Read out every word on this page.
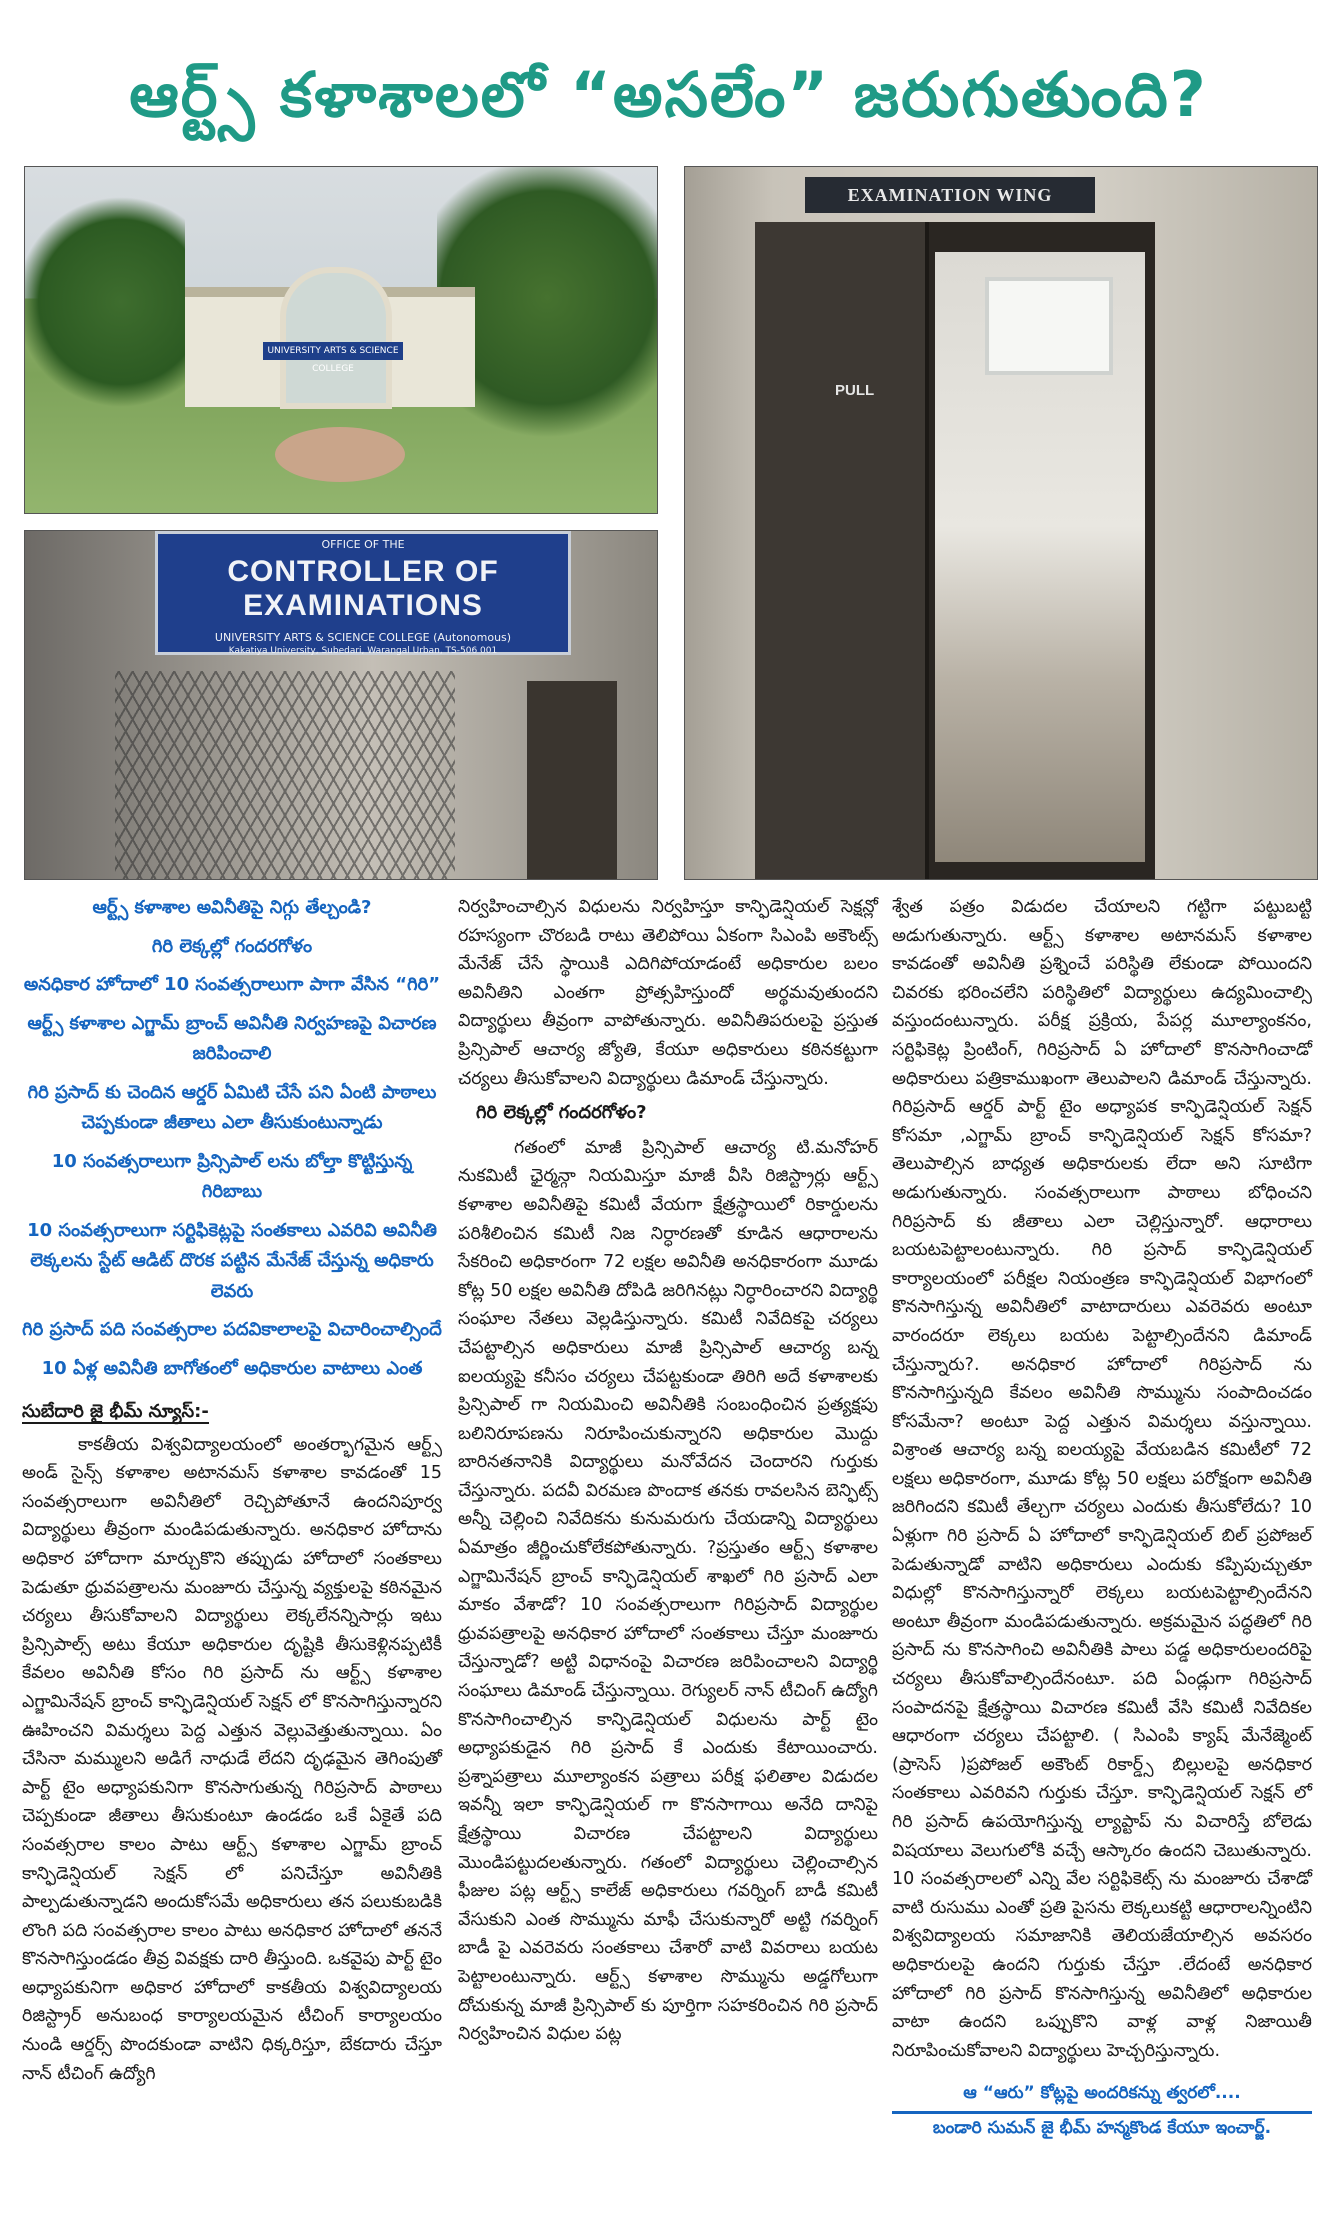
ఆర్ట్స్ కళాశాలలో “అసలేం” జరుగుతుంది?
UNIVERSITY ARTS & SCIENCE COLLEGE
OFFICE OF THE
CONTROLLER OF EXAMINATIONS
UNIVERSITY ARTS & SCIENCE COLLEGE (Autonomous)
Kakatiya University, Subedari, Warangal Urban, TS-506 001
EXAMINATION WING
PULL
ఆర్ట్స్ కళాశాల అవినీతిపై నిగ్గు తేల్చండి?
గిరి లెక్కల్లో గందరగోళం
అనధికార హోదాలో 10 సంవత్సరాలుగా పాగా వేసిన “గిరి”
ఆర్ట్స్ కళాశాల ఎగ్జామ్ బ్రాంచ్ అవినీతి నిర్వహణపై విచారణ జరిపించాలి
గిరి ప్రసాద్ కు చెందిన ఆర్డర్ ఏమిటి చేసే పని ఏంటి పాఠాలు చెప్పకుండా జీతాలు ఎలా తీసుకుంటున్నాడు
10 సంవత్సరాలుగా ప్రిన్సిపాల్ లను బోల్తా కొట్టిస్తున్న గిరిబాబు
10 సంవత్సరాలుగా సర్టిఫికెట్లపై సంతకాలు ఎవరివి అవినీతి లెక్కలను స్టేట్ ఆడిట్ దొరక పట్టిన మేనేజ్ చేస్తున్న అధికారు లెవరు
గిరి ప్రసాద్ పది సంవత్సరాల పదవికాలాలపై విచారించాల్సిందే
10 ఏళ్ల అవినీతి బాగోతంలో అధికారుల వాటాలు ఎంత
సుబేదారి జై భీమ్ న్యూస్:-

కాకతీయ విశ్వవిద్యాలయంలో అంతర్భాగమైన ఆర్ట్స్ అండ్ సైన్స్ కళాశాల అటానమస్ కళాశాల కావడంతో 15 సంవత్సరాలుగా అవినీతిలో రెచ్చిపోతూనే ఉందనిపూర్వ విద్యార్థులు తీవ్రంగా మండిపడుతున్నారు. అనధికార హోదాను అధికార హోదాగా మార్చుకొని తప్పుడు హోదాలో సంతకాలు పెడుతూ ధ్రువపత్రాలను మంజూరు చేస్తున్న వ్యక్తులపై కఠినమైన చర్యలు తీసుకోవాలని విద్యార్థులు లెక్కలేనన్నిసార్లు ఇటు ప్రిన్సిపాల్స్ అటు కేయూ అధికారుల దృష్టికి తీసుకెళ్లినప్పటికీ కేవలం అవినీతి కోసం గిరి ప్రసాద్ ను ఆర్ట్స్ కళాశాల ఎగ్జామినేషన్ బ్రాంచ్ కాన్ఫిడెన్షియల్ సెక్షన్ లో కొనసాగిస్తున్నారని ఊహించని విమర్శలు పెద్ద ఎత్తున వెల్లువెత్తుతున్నాయి. ఏం చేసినా మమ్ములని అడిగే నాధుడే లేదని దృఢమైన తెగింపుతో పార్ట్ టైం అధ్యాపకునిగా కొనసాగుతున్న గిరిప్రసాద్ పాఠాలు చెప్పకుండా జీతాలు తీసుకుంటూ ఉండడం ఒకే ఏకైతే పది సంవత్సరాల కాలం పాటు ఆర్ట్స్ కళాశాల ఎగ్జామ్ బ్రాంచ్ కాన్ఫిడెన్షియల్ సెక్షన్ లో పనిచేస్తూ అవినీతికి పాల్పడుతున్నాడని అందుకోసమే అధికారులు తన పలుకుబడికి లొంగి పది సంవత్సరాల కాలం పాటు అనధికార హోదాలో తననే కొనసాగిస్తుండడం తీవ్ర వివక్షకు దారి తీస్తుంది. ఒకవైపు పార్ట్ టైం అధ్యాపకునిగా అధికార హోదాలో కాకతీయ విశ్వవిద్యాలయ రిజిస్ట్రార్ అనుబంధ కార్యాలయమైన టీచింగ్ కార్యాలయం నుండి ఆర్డర్స్ పొందకుండా వాటిని ధిక్కరిస్తూ, బేకదారు చేస్తూ నాన్ టీచింగ్ ఉద్యోగి

నిర్వహించాల్సిన విధులను నిర్వహిస్తూ కాన్ఫిడెన్షియల్ సెక్షన్లో రహస్యంగా చొరబడి రాటు తెలిపోయి ఏకంగా సిఎంపి అకౌంట్స్ మేనేజ్ చేసే స్థాయికి ఎదిగిపోయాడంటే అధికారుల బలం అవినీతిని ఎంతగా ప్రోత్సహిస్తుందో అర్థమవుతుందని విద్యార్థులు తీవ్రంగా వాపోతున్నారు. అవినీతిపరులపై ప్రస్తుత ప్రిన్సిపాల్ ఆచార్య జ్యోతి, కేయూ అధికారులు కఠినకట్టుగా చర్యలు తీసుకోవాలని విద్యార్థులు డిమాండ్ చేస్తున్నారు.

గిరి లెక్కల్లో గందరగోళం?

గతంలో మాజీ ప్రిన్సిపాల్ ఆచార్య టి.మనోహర్ నుకమిటీ ఛైర్మన్గా నియమిస్తూ మాజీ వీసి రిజిస్ట్రార్లు ఆర్ట్స్ కళాశాల అవినీతిపై కమిటీ వేయగా క్షేత్రస్థాయిలో రికార్డులను పరిశీలించిన కమిటీ నిజ నిర్ధారణతో కూడిన ఆధారాలను సేకరించి అధికారంగా 72 లక్షల అవినీతి అనధికారంగా మూడు కోట్ల 50 లక్షల అవినీతి దోపిడి జరిగినట్లు నిర్ధారించారని విద్యార్థి సంఘాల నేతలు వెల్లడిస్తున్నారు. కమిటీ నివేదికపై చర్యలు చేపట్టాల్సిన అధికారులు మాజీ ప్రిన్సిపాల్ ఆచార్య బన్న ఐలయ్యపై కనీసం చర్యలు చేపట్టకుండా తిరిగి అదే కళాశాలకు ప్రిన్సిపాల్ గా నియమించి అవినీతికి సంబంధించిన ప్రత్యక్షపు బలినిరూపణను నిరూపించుకున్నారని అధికారుల మొద్దు బారినతనానికి విద్యార్థులు మనోవేదన చెందారని గుర్తుకు చేస్తున్నారు. పదవీ విరమణ పొందాక తనకు రావలసిన బెన్ఫిట్స్ అన్నీ చెల్లించి నివేదికను కునుమరుగు చేయడాన్ని విద్యార్థులు ఏమాత్రం జీర్ణించుకోలేకపోతున్నారు. ?ప్రస్తుతం ఆర్ట్స్ కళాశాల ఎగ్జామినేషన్ బ్రాంచ్ కాన్ఫిడెన్షియల్ శాఖలో గిరి ప్రసాద్ ఎలా మాకం వేశాడో? 10 సంవత్సరాలుగా గిరిప్రసాద్ విద్యార్థుల ధ్రువపత్రాలపై అనధికార హోదాలో సంతకాలు చేస్తూ మంజూరు చేస్తున్నాడో? అట్టి విధానంపై విచారణ జరిపించాలని విద్యార్థి సంఘాలు డిమాండ్ చేస్తున్నాయి. రెగ్యులర్ నాన్ టీచింగ్ ఉద్యోగి కొనసాగించాల్సిన కాన్ఫిడెన్షియల్ విధులను పార్ట్ టైం అధ్యాపకుడైన గిరి ప్రసాద్ కే ఎందుకు కేటాయించారు. ప్రశ్నాపత్రాలు మూల్యాంకన పత్రాలు పరీక్ష ఫలితాల విడుదల ఇవన్నీ ఇలా కాన్ఫిడెన్షియల్ గా కొనసాగాయి అనేది దానిపై క్షేత్రస్థాయి విచారణ చేపట్టాలని విద్యార్థులు మొండిపట్టుదలతున్నారు. గతంలో విద్యార్థులు చెల్లించాల్సిన ఫీజుల పట్ల ఆర్ట్స్ కాలేజ్ అధికారులు గవర్నింగ్ బాడీ కమిటీ వేసుకుని ఎంత సొమ్మును మాఫీ చేసుకున్నారో అట్టి గవర్నింగ్ బాడీ పై ఎవరెవరు సంతకాలు చేశారో వాటి వివరాలు బయట పెట్టాలంటున్నారు. ఆర్ట్స్ కళాశాల సొమ్మును అడ్డగోలుగా దోచుకున్న మాజీ ప్రిన్సిపాల్ కు పూర్తిగా సహకరించిన గిరి ప్రసాద్ నిర్వహించిన విధుల పట్ల

శ్వేత పత్రం విడుదల చేయాలని గట్టిగా పట్టుబట్టి అడుగుతున్నారు. ఆర్ట్స్ కళాశాల అటానమస్ కళాశాల కావడంతో అవినీతి ప్రశ్నించే పరిస్థితి లేకుండా పోయిందని చివరకు భరించలేని పరిస్థితిలో విద్యార్థులు ఉద్యమించాల్సి వస్తుందంటున్నారు. పరీక్ష ప్రక్రియ, పేపర్ల మూల్యాంకనం, సర్టిఫికెట్ల ప్రింటింగ్, గిరిప్రసాద్ ఏ హోదాలో కొనసాగించాడో అధికారులు పత్రికాముఖంగా తెలుపాలని డిమాండ్ చేస్తున్నారు. గిరిప్రసాద్ ఆర్డర్ పార్ట్ టైం అధ్యాపక కాన్ఫిడెన్షియల్ సెక్షన్ కోసమా ,ఎగ్జామ్ బ్రాంచ్ కాన్ఫిడెన్షియల్ సెక్షన్ కోసమా? తెలుపాల్సిన బాధ్యత అధికారులకు లేదా అని సూటిగా అడుగుతున్నారు. సంవత్సరాలుగా పాఠాలు బోధించని గిరిప్రసాద్ కు జీతాలు ఎలా చెల్లిస్తున్నారో. ఆధారాలు బయటపెట్టాలంటున్నారు. గిరి ప్రసాద్ కాన్ఫిడెన్షియల్ కార్యాలయంలో పరీక్షల నియంత్రణ కాన్ఫిడెన్షియల్ విభాగంలో కొనసాగిస్తున్న అవినీతిలో వాటాదారులు ఎవరెవరు అంటూ వారందరూ లెక్కలు బయట పెట్టాల్సిందేనని డిమాండ్ చేస్తున్నారు?. అనధికార హోదాలో గిరిప్రసాద్ ను కొనసాగిస్తున్నది కేవలం అవినీతి సొమ్మును సంపాదించడం కోసమేనా? అంటూ పెద్ద ఎత్తున విమర్శలు వస్తున్నాయి. విశ్రాంత ఆచార్య బన్న ఐలయ్యపై వేయబడిన కమిటీలో 72 లక్షలు అధికారంగా, మూడు కోట్ల 50 లక్షలు పరోక్షంగా అవినీతి జరిగిందని కమిటీ తేల్చగా చర్యలు ఎందుకు తీసుకోలేదు? 10 ఏళ్లుగా గిరి ప్రసాద్ ఏ హోదాలో కాన్ఫిడెన్షియల్ బిల్ ప్రపోజల్ పెడుతున్నాడో వాటిని అధికారులు ఎందుకు కప్పిపుచ్చుతూ విధుల్లో కొనసాగిస్తున్నారో లెక్కలు బయటపెట్టాల్సిందేనని అంటూ తీవ్రంగా మండిపడుతున్నారు. అక్రమమైన పద్ధతిలో గిరి ప్రసాద్ ను కొనసాగించి అవినీతికి పాలు పడ్డ అధికారులందరిపై చర్యలు తీసుకోవాల్సిందేనంటూ. పది ఏండ్లుగా గిరిప్రసాద్ సంపాదనపై క్షేత్రస్థాయి విచారణ కమిటీ వేసి కమిటీ నివేదికల ఆధారంగా చర్యలు చేపట్టాలి. ( సిఎంపి క్యాష్ మేనేజ్మెంట్ (ప్రాసెస్ )ప్రపోజల్ అకౌంట్ రికార్డ్స్ బిల్లులపై అనధికార సంతకాలు ఎవరివని గుర్తుకు చేస్తూ. కాన్ఫిడెన్షియల్ సెక్షన్ లో గిరి ప్రసాద్ ఉపయోగిస్తున్న ల్యాప్టాప్ ను విచారిస్తే బోలెడు విషయాలు వెలుగులోకి వచ్చే ఆస్కారం ఉందని చెబుతున్నారు. 10 సంవత్సరాలలో ఎన్ని వేల సర్టిఫికెట్స్ ను మంజూరు చేశాడో వాటి రుసుము ఎంతో ప్రతి పైసను లెక్కలుకట్టి ఆధారాలన్నింటిని విశ్వవిద్యాలయ సమాజానికి తెలియజేయాల్సిన అవసరం అధికారులపై ఉందని గుర్తుకు చేస్తూ .లేదంటే అనధికార హోదాలో గిరి ప్రసాద్ కొనసాగిస్తున్న అవినీతిలో అధికారుల వాటా ఉందని ఒప్పుకొని వాళ్ల వాళ్ల నిజాయితీ నిరూపించుకోవాలని విద్యార్థులు హెచ్చరిస్తున్నారు.

ఆ “ఆరు” కోట్లపై అందరికన్ను త్వరలో....
బండారి సుమన్ జై భీమ్ హన్మకొండ కేయూ ఇంచార్జ్.
